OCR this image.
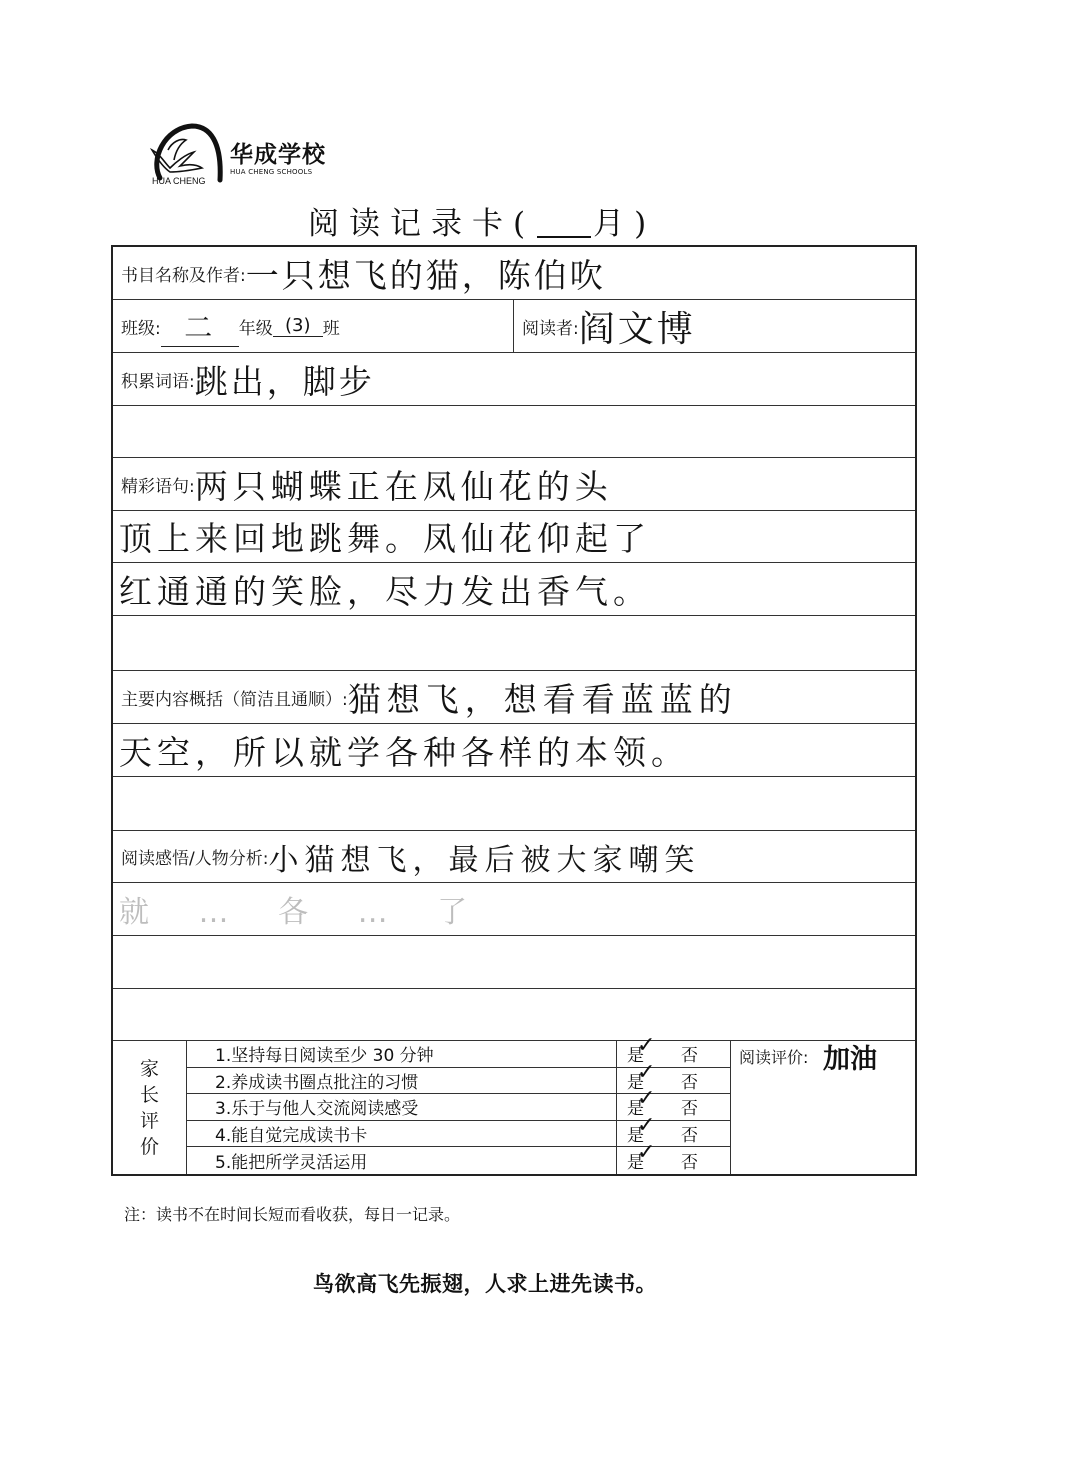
HUA CHENG
华成学校
HUA CHENG SCHOOLS
阅读记录卡( 月)
书目名称及作者: 一只想飞的猫，陈伯吹
班级: 二	年级 (3) 班	阅读者: 阎文博
积累词语: 跳出，脚步
精彩语句: 两只蝴蝶正在凤仙花的头
顶上来回地跳舞。凤仙花仰起了
红通通的笑脸，尽力发出香气。
主要内容概括（简洁且通顺）: 猫想飞，想看看蓝蓝的
天空，所以就学各种各样的本领。
阅读感悟/人物分析: 小猫想飞，最后被大家嘲笑
就 … 各 … 了
家
长
评
价
1.坚持每日阅读至少 30 分钟
2.养成读书圈点批注的习惯
3.乐于与他人交流阅读感受
4.能自觉完成读书卡
5.能把所学灵活运用
是
✓ 否
是
✓ 否
是
✓ 否
是
✓ 否
是
✓ 否
阅读评价: 加油
注：读书不在时间长短而看收获，每日一记录。
鸟欲高飞先振翅，人求上进先读书。
